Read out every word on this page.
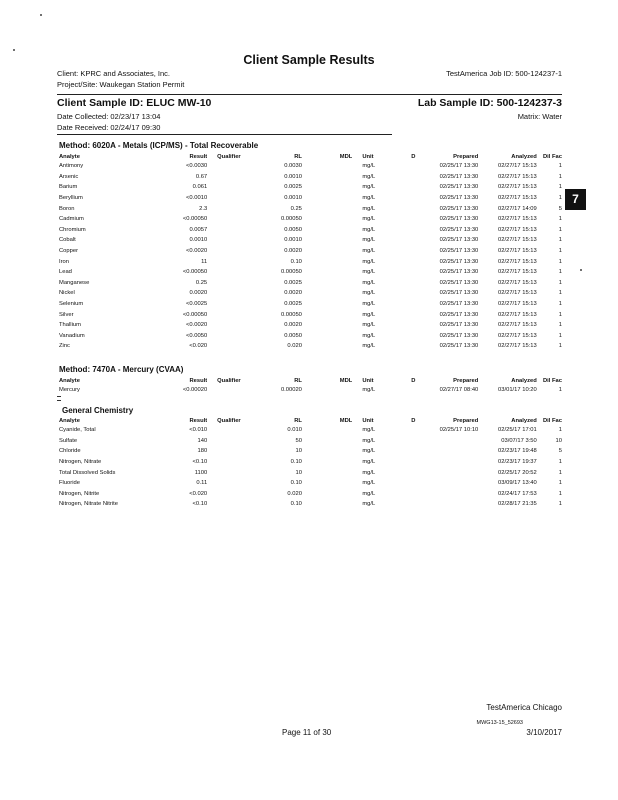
Client Sample Results
Client: KPRC and Associates, Inc.
Project/Site: Waukegan Station Permit
TestAmerica Job ID: 500-124237-1
Client Sample ID: ELUC MW-10	Lab Sample ID: 500-124237-3
Date Collected: 02/23/17 13:04
Date Received: 02/24/17 09:30
Matrix: Water
Method: 6020A - Metals (ICP/MS) - Total Recoverable
Analyte	Result	Qualifier	RL	MDL	Unit	D	Prepared	Analyzed	Dil Fac
Antimony	<0.0030		0.0030		mg/L		02/25/17 13:30	02/27/17 15:13	1
Arsenic	0.67		0.0010		mg/L		02/25/17 13:30	02/27/17 15:13	1
Barium	0.061		0.0025		mg/L		02/25/17 13:30	02/27/17 15:13	1
Beryllium	<0.0010		0.0010		mg/L		02/25/17 13:30	02/27/17 15:13	1
Boron	2.3		0.25		mg/L		02/25/17 13:30	02/27/17 14:09	5
Cadmium	<0.00050		0.00050		mg/L		02/25/17 13:30	02/27/17 15:13	1
Chromium	0.0057		0.0050		mg/L		02/25/17 13:30	02/27/17 15:13	1
Cobalt	0.0010		0.0010		mg/L		02/25/17 13:30	02/27/17 15:13	1
Copper	<0.0020		0.0020		mg/L		02/25/17 13:30	02/27/17 15:13	1
Iron	11		0.10		mg/L		02/25/17 13:30	02/27/17 15:13	1
Lead	<0.00050		0.00050		mg/L		02/25/17 13:30	02/27/17 15:13	1
Manganese	0.25		0.0025		mg/L		02/25/17 13:30	02/27/17 15:13	1
Nickel	0.0020		0.0020		mg/L		02/25/17 13:30	02/27/17 15:13	1
Selenium	<0.0025		0.0025		mg/L		02/25/17 13:30	02/27/17 15:13	1
Silver	<0.00050		0.00050		mg/L		02/25/17 13:30	02/27/17 15:13	1
Thallium	<0.0020		0.0020		mg/L		02/25/17 13:30	02/27/17 15:13	1
Vanadium	<0.0050		0.0050		mg/L		02/25/17 13:30	02/27/17 15:13	1
Zinc	<0.020		0.020		mg/L		02/25/17 13:30	02/27/17 15:13	1
Method: 7470A - Mercury (CVAA)
Analyte	Result	Qualifier	RL	MDL	Unit	D	Prepared	Analyzed	Dil Fac
Mercury	<0.00020		0.00020		mg/L		02/27/17 08:40	03/01/17 10:20	1
General Chemistry
Analyte	Result	Qualifier	RL	MDL	Unit	D	Prepared	Analyzed	Dil Fac
Cyanide, Total	<0.010		0.010		mg/L		02/25/17 10:10	02/25/17 17:01	1
Sulfate	140		50		mg/L			03/07/17 3:50	10
Chloride	180		10		mg/L			02/23/17 19:48	5
Nitrogen, Nitrate	<0.10		0.10		mg/L			02/23/17 19:37	1
Total Dissolved Solids	1100		10		mg/L			02/25/17 20:52	1
Fluoride	0.11		0.10		mg/L			03/09/17 13:40	1
Nitrogen, Nitrite	<0.020		0.020		mg/L			02/24/17 17:53	1
Nitrogen, Nitrate Nitrite	<0.10		0.10		mg/L			02/28/17 21:35	1
7
TestAmerica Chicago
MWG13-15_52693
Page 11 of 30	3/10/2017
